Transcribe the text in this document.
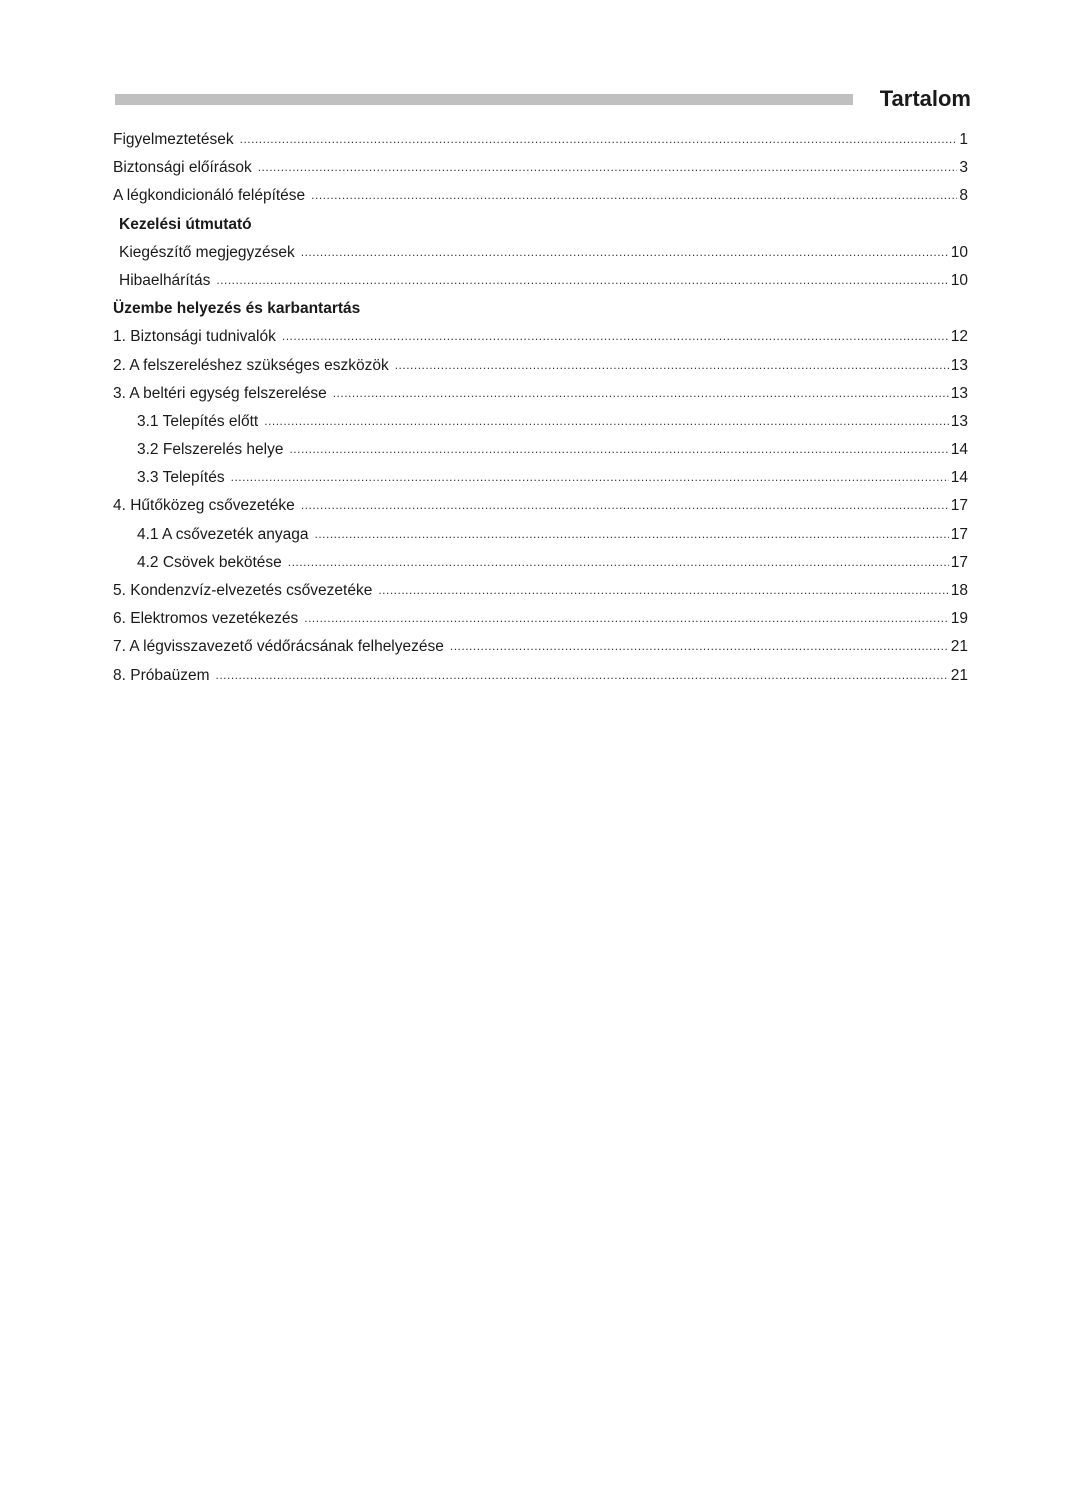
Tartalom
Figyelmeztetések .....	1
Biztonsági előírások .....	3
A légkondicionáló felépítése .....	8
Kezelési útmutató
Kiegészítő megjegyzések .....	10
Hibaelhárítás .....	10
Üzembe helyezés és karbantartás
1. Biztonsági tudnivalók .....	12
2. A felszereléshez szükséges eszközök .....	13
3. A beltéri egység felszerelése .....	13
3.1 Telepítés előtt .....	13
3.2 Felszerelés helye .....	14
3.3 Telepítés .....	14
4. Hűtőközeg csővezetéke .....	17
4.1 A csővezeték anyaga .....	17
4.2 Csövek bekötése .....	17
5. Kondenzvíz-elvezetés csővezetéke .....	18
6. Elektromos vezetékezés .....	19
7. A légvisszavezető védőrácsának felhelyezése .....	21
8. Próbaüzem .....	21
